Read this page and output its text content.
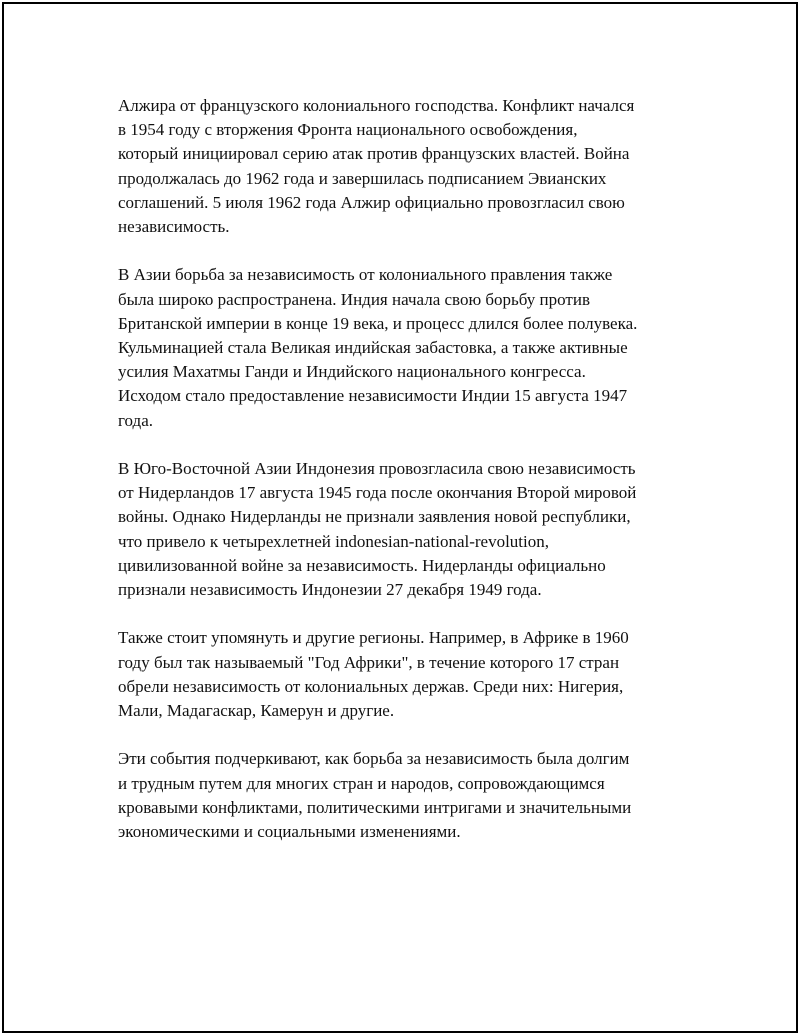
Алжира от французского колониального господства. Конфликт начался
в 1954 году с вторжения Фронта национального освобождения,
который инициировал серию атак против французских властей. Война
продолжалась до 1962 года и завершилась подписанием Эвианских
соглашений. 5 июля 1962 года Алжир официально провозгласил свою
независимость.
В Азии борьба за независимость от колониального правления также
была широко распространена. Индия начала свою борьбу против
Британской империи в конце 19 века, и процесс длился более полувека.
Кульминацией стала Великая индийская забастовка, а также активные
усилия Махатмы Ганди и Индийского национального конгресса.
Исходом стало предоставление независимости Индии 15 августа 1947
года.
В Юго-Восточной Азии Индонезия провозгласила свою независимость
от Нидерландов 17 августа 1945 года после окончания Второй мировой
войны. Однако Нидерланды не признали заявления новой республики,
что привело к четырехлетней indonesian-national-revolution,
цивилизованной войне за независимость. Нидерланды официально
признали независимость Индонезии 27 декабря 1949 года.
Также стоит упомянуть и другие регионы. Например, в Африке в 1960
году был так называемый "Год Африки", в течение которого 17 стран
обрели независимость от колониальных держав. Среди них: Нигерия,
Мали, Мадагаскар, Камерун и другие.
Эти события подчеркивают, как борьба за независимость была долгим
и трудным путем для многих стран и народов, сопровождающимся
кровавыми конфликтами, политическими интригами и значительными
экономическими и социальными изменениями.
